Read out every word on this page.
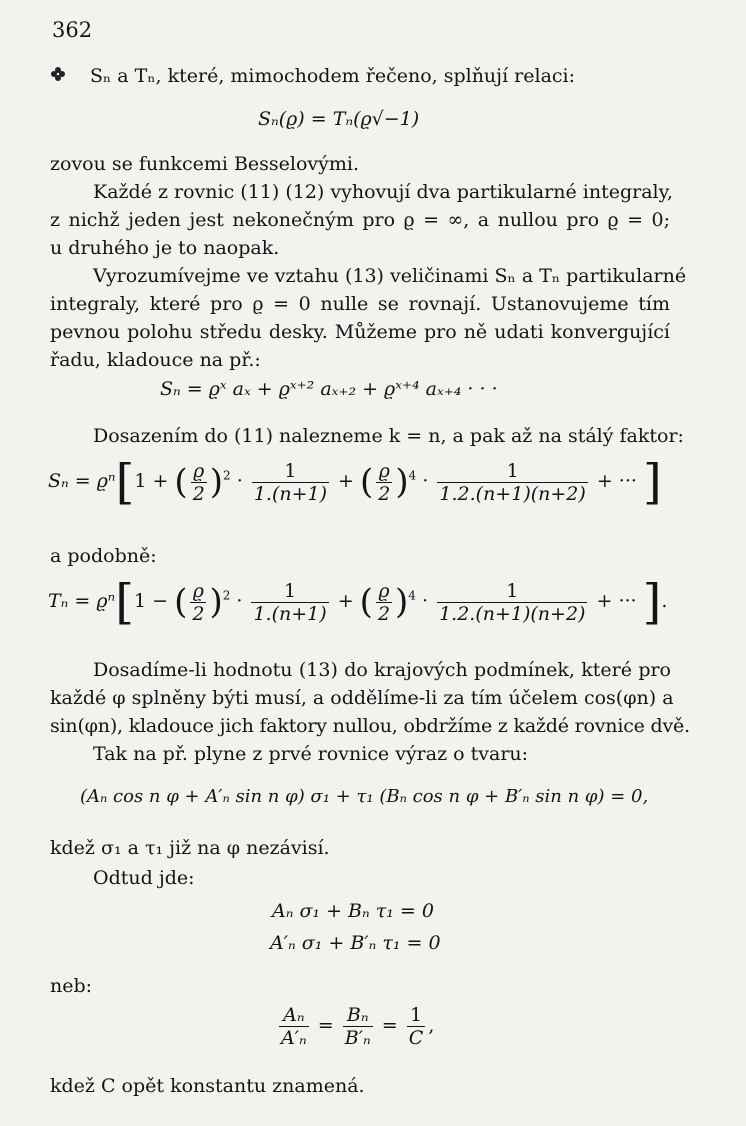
362
Sₙ a Tₙ, které, mimochodem řečeno, splňují relaci:
Sₙ(ϱ) = Tₙ(ϱ√−1)
zovou se funkcemi Besselovými.
Každé z rovnic (11) (12) vyhovují dva partikularné integraly,
z nichž jeden jest nekonečným pro ϱ = ∞, a nullou pro ϱ = 0;
u druhého je to naopak.
Vyrozumívejme ve vztahu (13) veličinami Sₙ a Tₙ partikularné
integraly, které pro ϱ = 0 nulle se rovnají. Ustanovujeme tím
pevnou polohu středu desky. Můžeme pro ně udati konvergující
řadu, kladouce na př.:
Sₙ = ϱˣ aₓ + ϱˣ⁺² aₓ₊₂ + ϱˣ⁺⁴ aₓ₊₄ · · ·
Dosazením do (11) nalezneme k = n, a pak až na stálý faktor:
Sₙ = ϱⁿ[1 + ( $\frac{ϱ}{2} )^2 \cdot \frac{1}{1.(n+1)}$ + ( $\frac{ϱ}{2} )^4 \cdot \frac{1}{1.2.(n+1)(n+2)}$ + ··· ]
a podobně:
Tₙ = ϱⁿ[1 − ( $\frac{ϱ}{2} )^2 \cdot \frac{1}{1.(n+1)}$ + ( $\frac{ϱ}{2} )^4 \cdot \frac{1}{1.2.(n+1)(n+2)}$ + ··· ].
Dosadíme-li hodnotu (13) do krajových podmínek, které pro
každé φ splněny býti musí, a oddělíme-li za tím účelem cos(φn) a
sin(φn), kladouce jich faktory nullou, obdržíme z každé rovnice dvě.
Tak na př. plyne z prvé rovnice výraz o tvaru:
(Aₙ cos n φ + A′ₙ sin n φ) σ₁ + τ₁ (Bₙ cos n φ + B′ₙ sin n φ) = 0,
kdež σ₁ a τ₁ již na φ nezávisí.
Odtud jde:
Aₙ σ₁ + Bₙ τ₁ = 0
A′ₙ σ₁ + B′ₙ τ₁ = 0
neb:
$\frac{\text{Aₙ}}{\text{A′ₙ}} = \frac{\text{Bₙ}}{\text{B′ₙ}} = \frac{1}{C}$ ,
kdež C opět konstantu znamená.
